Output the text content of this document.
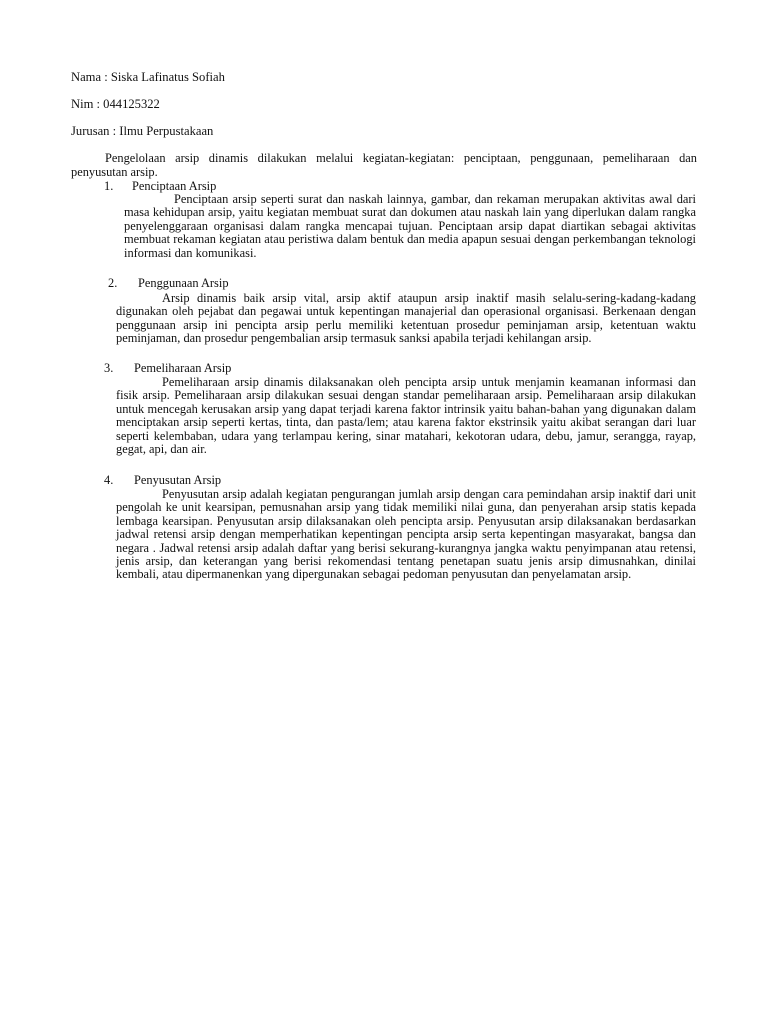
Nama : Siska Lafinatus Sofiah
Nim : 044125322
Jurusan : Ilmu Perpustakaan

Pengelolaan arsip dinamis dilakukan melalui kegiatan-kegiatan: penciptaan, penggunaan, pemeliharaan dan penyusutan arsip.

1. Penciptaan Arsip

Penciptaan arsip seperti surat dan naskah lainnya, gambar, dan rekaman merupakan aktivitas awal dari masa kehidupan arsip, yaitu kegiatan membuat surat dan dokumen atau naskah lain yang diperlukan dalam rangka penyelenggaraan organisasi dalam rangka mencapai tujuan. Penciptaan arsip dapat diartikan sebagai aktivitas membuat rekaman kegiatan atau peristiwa dalam bentuk dan media apapun sesuai dengan perkembangan teknologi informasi dan komunikasi.

2. Penggunaan Arsip

Arsip dinamis baik arsip vital, arsip aktif ataupun arsip inaktif masih selalu-sering-kadang-kadang digunakan oleh pejabat dan pegawai untuk kepentingan manajerial dan operasional organisasi. Berkenaan dengan penggunaan arsip ini pencipta arsip perlu memiliki ketentuan prosedur peminjaman arsip, ketentuan waktu peminjaman, dan prosedur pengembalian arsip termasuk sanksi apabila terjadi kehilangan arsip.

3. Pemeliharaan Arsip

Pemeliharaan arsip dinamis dilaksanakan oleh pencipta arsip untuk menjamin keamanan informasi dan fisik arsip. Pemeliharaan arsip dilakukan sesuai dengan standar pemeliharaan arsip. Pemeliharaan arsip dilakukan untuk mencegah kerusakan arsip yang dapat terjadi karena faktor intrinsik yaitu bahan-bahan yang digunakan dalam menciptakan arsip seperti kertas, tinta, dan pasta/lem; atau karena faktor ekstrinsik yaitu akibat serangan dari luar seperti kelembaban, udara yang terlampau kering, sinar matahari, kekotoran udara, debu, jamur, serangga, rayap, gegat, api, dan air.

4. Penyusutan Arsip

Penyusutan arsip adalah kegiatan pengurangan jumlah arsip dengan cara pemindahan arsip inaktif dari unit pengolah ke unit kearsipan, pemusnahan arsip yang tidak memiliki nilai guna, dan penyerahan arsip statis kepada lembaga kearsipan. Penyusutan arsip dilaksanakan oleh pencipta arsip. Penyusutan arsip dilaksanakan berdasarkan jadwal retensi arsip dengan memperhatikan kepentingan pencipta arsip serta kepentingan masyarakat, bangsa dan negara . Jadwal retensi arsip adalah daftar yang berisi sekurang-kurangnya jangka waktu penyimpanan atau retensi, jenis arsip, dan keterangan yang berisi rekomendasi tentang penetapan suatu jenis arsip dimusnahkan, dinilai kembali, atau dipermanenkan yang dipergunakan sebagai pedoman penyusutan dan penyelamatan arsip.
